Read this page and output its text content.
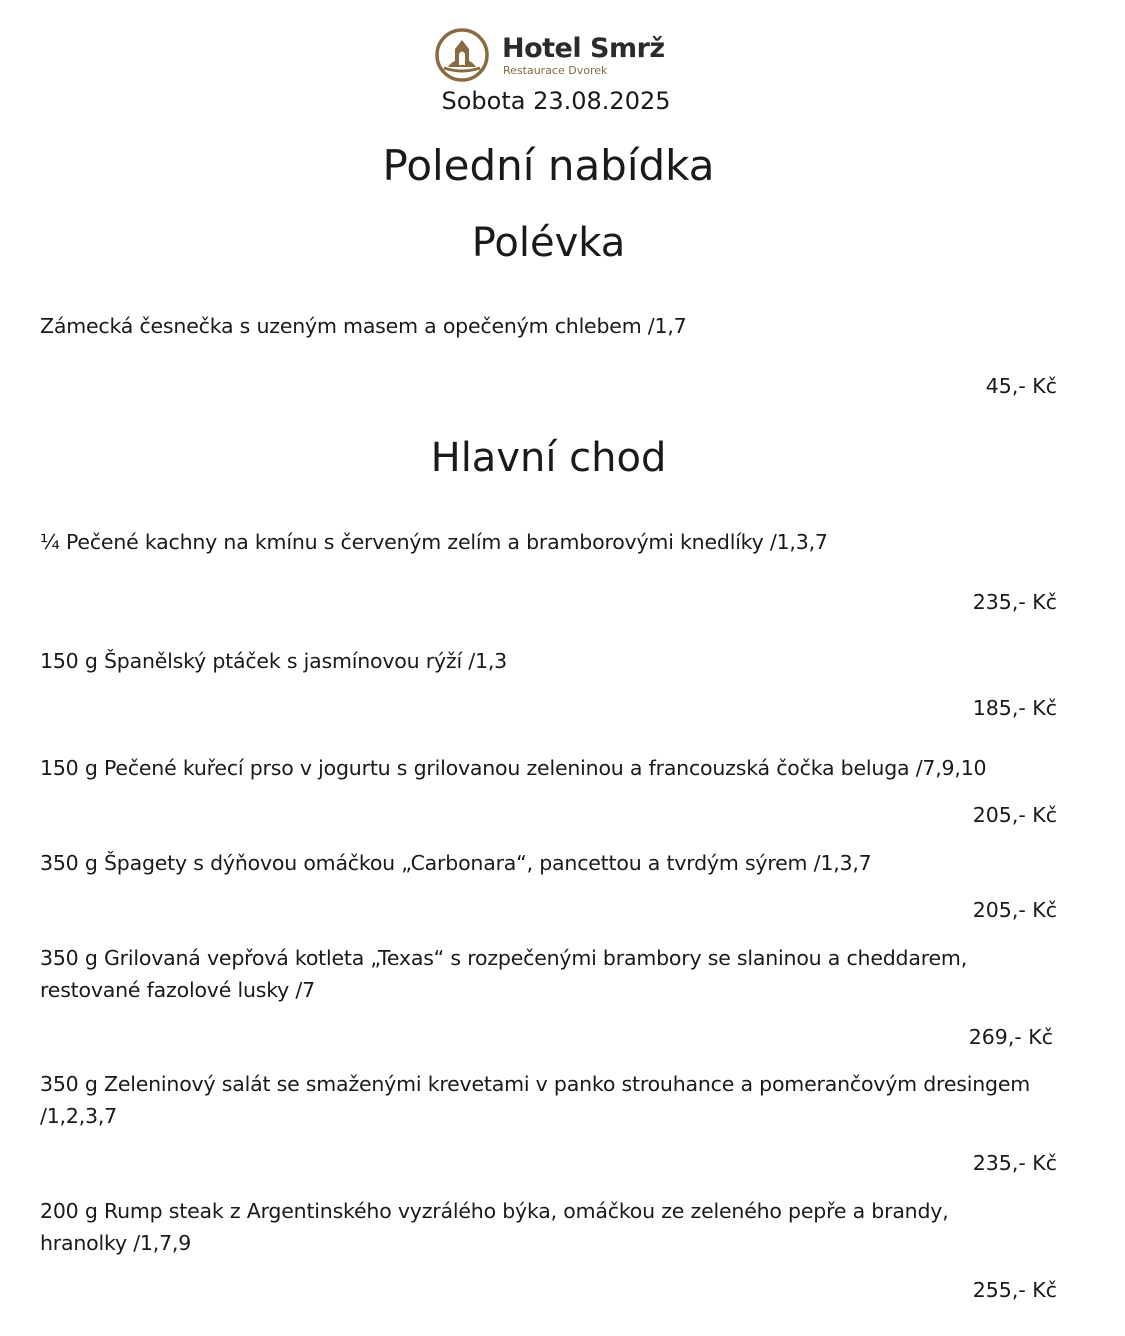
Hotel Smrž
Restaurace Dvorek
Sobota 23.08.2025
Polední nabídka
Polévka
Zámecká česnečka s uzeným masem a opečeným chlebem /1,7
45,- Kč
Hlavní chod
¼ Pečené kachny na kmínu s červeným zelím a bramborovými knedlíky /1,3,7
235,- Kč
150 g Španělský ptáček s jasmínovou rýží /1,3
185,- Kč
150 g Pečené kuřecí prso v jogurtu s grilovanou zeleninou a francouzská čočka beluga /7,9,10
205,- Kč
350 g Špagety s dýňovou omáčkou „Carbonara“, pancettou a tvrdým sýrem /1,3,7
205,- Kč
350 g Grilovaná vepřová kotleta „Texas“ s rozpečenými brambory se slaninou a cheddarem, restované fazolové lusky /7
269,- Kč
350 g Zeleninový salát se smaženými krevetami v panko strouhance a pomerančovým dresingem /1,2,3,7
235,- Kč
200 g Rump steak z Argentinského vyzrálého býka, omáčkou ze zeleného pepře a brandy, hranolky /1,7,9
255,- Kč
